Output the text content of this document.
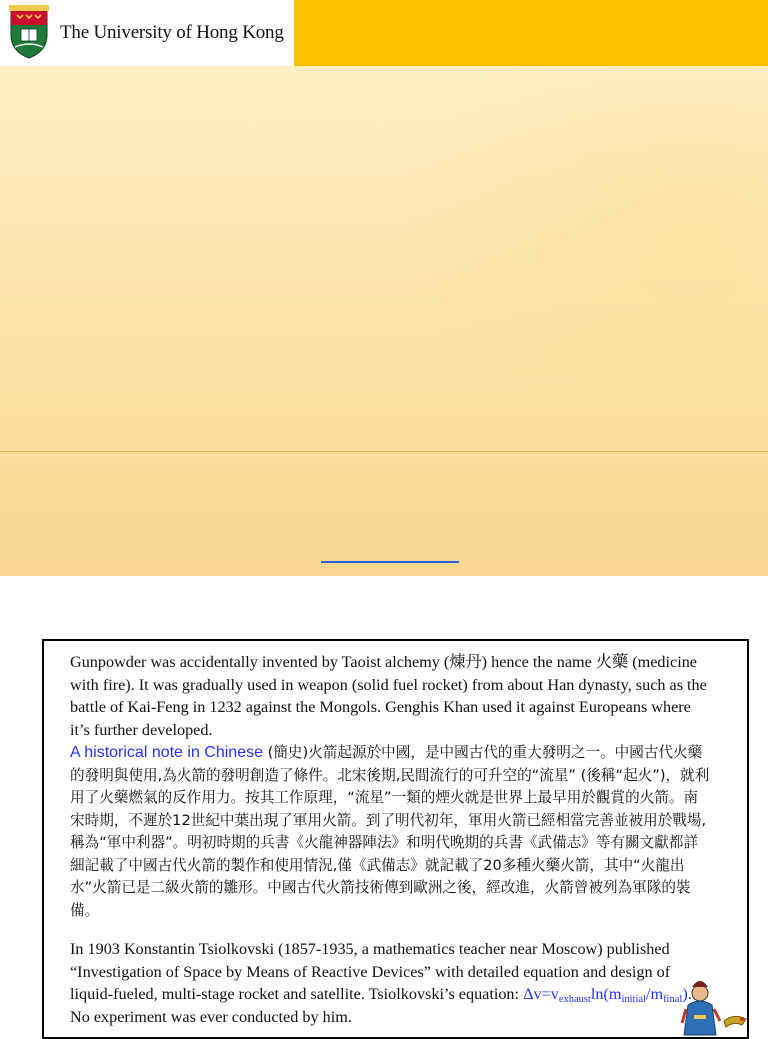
The University of Hong Kong

Gunpowder was accidentally invented by Taoist alchemy (煉丹) hence the name 火藥 (medicine with fire). It was gradually used in weapon (solid fuel rocket) from about Han dynasty, such as the battle of Kai-Feng in 1232 against the Mongols. Genghis Khan used it against Europeans where it’s further developed.

A historical note in Chinese (簡史)火箭起源於中國，是中國古代的重大發明之一。中國古代火藥的發明與使用,為火箭的發明創造了條件。北宋後期,民間流行的可升空的“流星” (後稱“起火”)，就利用了火藥燃氣的反作用力。按其工作原理，“流星”一類的煙火就是世界上最早用於觀賞的火箭。南宋時期，不遲於12世紀中葉出現了軍用火箭。到了明代初年，軍用火箭已經相當完善並被用於戰場,稱為“軍中利器”。明初時期的兵書《火龍神器陣法》和明代晚期的兵書《武備志》等有關文獻都詳細記載了中國古代火箭的製作和使用情況,僅《武備志》就記載了20多種火藥火箭，其中“火龍出水”火箭已是二級火箭的雛形。中國古代火箭技術傳到歐洲之後，經改進，火箭曾被列為軍隊的裝備。

In 1903 Konstantin Tsiolkovski (1857-1935, a mathematics teacher near Moscow) published “Investigation of Space by Means of Reactive Devices” with detailed equation and design of liquid-fueled, multi-stage rocket and satellite. Tsiolkovski’s equation: $\Delta v=v_{exhaust}\ln(m_{initial}/m_{final})$. No experiment was ever conducted by him.
